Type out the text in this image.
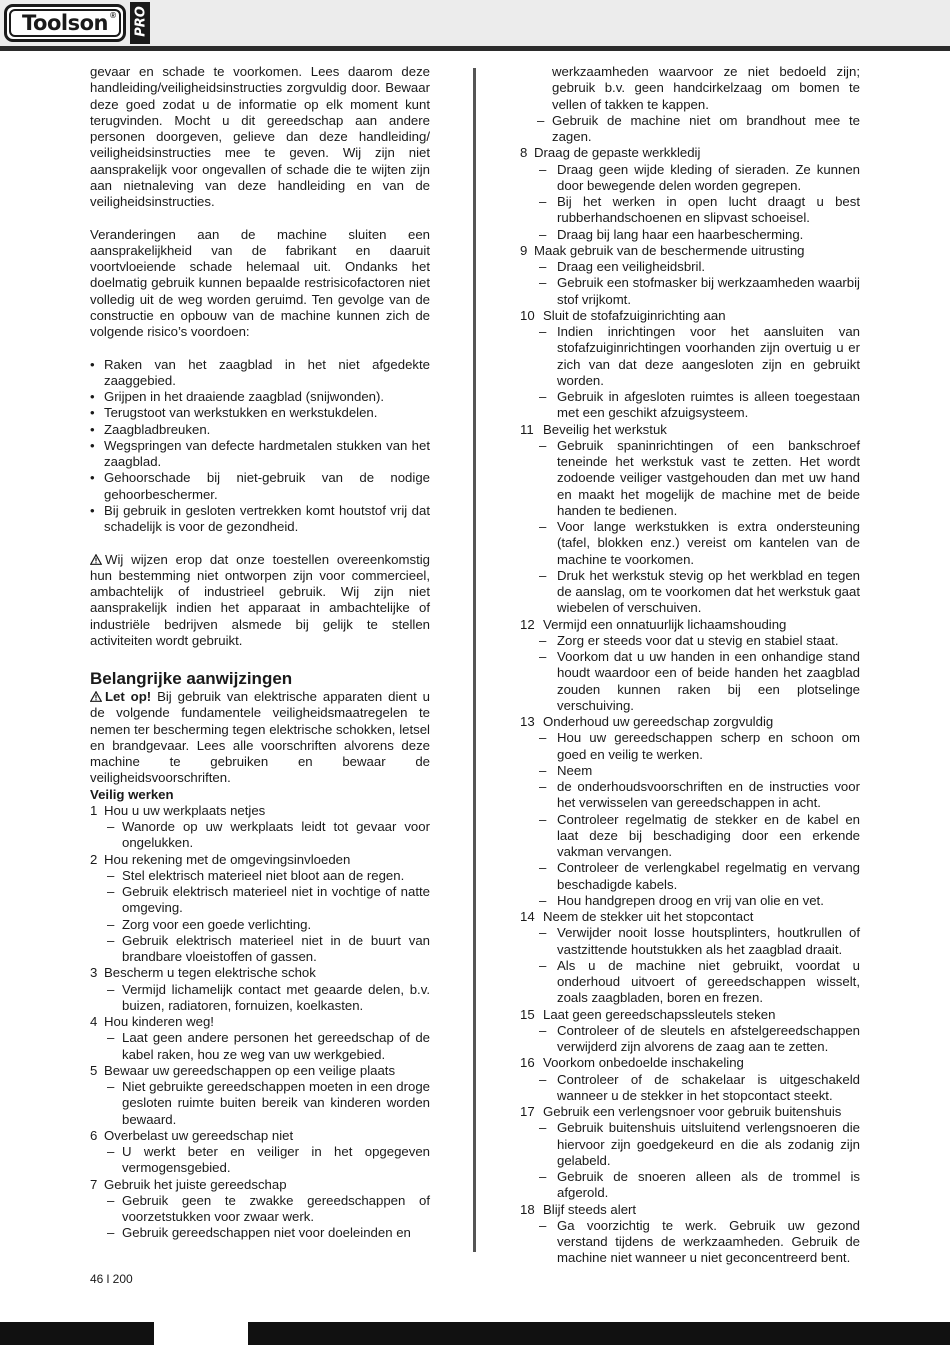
Toolson ® PRO

gevaar en schade te voorkomen. Lees daarom deze handleiding/veiligheidsinstructies zorgvuldig door. Bewaar deze goed zodat u de informatie op elk moment kunt terugvinden. Mocht u dit gereedschap aan andere personen doorgeven, gelieve dan deze handleiding/ veiligheidsinstructies mee te geven. Wij zijn niet aansprakelijk voor ongevallen of schade die te wijten zijn aan nietnaleving van deze handleiding en van de veiligheidsinstructies.

Veranderingen aan de machine sluiten een aansprakelijkheid van de fabrikant en daaruit voortvloeiende schade helemaal uit. Ondanks het doelmatig gebruik kunnen bepaalde restrisicofactoren niet volledig uit de weg worden geruimd. Ten gevolge van de constructie en opbouw van de machine kunnen zich de volgende risico’s voordoen:

• Raken van het zaagblad in het niet afgedekte zaaggebied.
• Grijpen in het draaiende zaagblad (snijwonden).
• Terugstoot van werkstukken en werkstukdelen.
• Zaagbladbreuken.
• Wegspringen van defecte hardmetalen stukken van het zaagblad.
• Gehoorschade bij niet-gebruik van de nodige gehoorbeschermer.
• Bij gebruik in gesloten vertrekken komt houtstof vrij dat schadelijk is voor de gezondheid.

Wij wijzen erop dat onze toestellen overeenkomstig hun bestemming niet ontworpen zijn voor commercieel, ambachtelijk of industrieel gebruik. Wij zijn niet aansprakelijk indien het apparaat in ambachtelijke of industriële bedrijven alsmede bij gelijk te stellen activiteiten wordt gebruikt.

Belangrijke aanwijzingen

Let op! Bij gebruik van elektrische apparaten dient u de volgende fundamentele veiligheidsmaatregelen te nemen ter bescherming tegen elektrische schokken, letsel en brandgevaar. Lees alle voorschriften alvorens deze machine te gebruiken en bewaar de veiligheidsvoorschriften.

Veilig werken
1 Hou u uw werkplaats netjes
– Wanorde op uw werkplaats leidt tot gevaar voor ongelukken.
2 Hou rekening met de omgevingsinvloeden
– Stel elektrisch materieel niet bloot aan de regen.
– Gebruik elektrisch materieel niet in vochtige of natte omgeving.
– Zorg voor een goede verlichting.
– Gebruik elektrisch materieel niet in de buurt van brandbare vloeistoffen of gassen.
3 Bescherm u tegen elektrische schok
– Vermijd lichamelijk contact met geaarde delen, b.v. buizen, radiatoren, fornuizen, koelkasten.
4 Hou kinderen weg!
– Laat geen andere personen het gereedschap of de kabel raken, hou ze weg van uw werkgebied.
5 Bewaar uw gereedschappen op een veilige plaats
– Niet gebruikte gereedschappen moeten in een droge gesloten ruimte buiten bereik van kinderen worden bewaard.
6 Overbelast uw gereedschap niet
– U werkt beter en veiliger in het opgegeven vermogensgebied.
7 Gebruik het juiste gereedschap
– Gebruik geen te zwakke gereedschappen of voorzetstukken voor zwaar werk.
– Gebruik gereedschappen niet voor doeleinden en
werkzaamheden waarvoor ze niet bedoeld zijn; gebruik b.v. geen handcirkelzaag om bomen te vellen of takken te kappen.
– Gebruik de machine niet om brandhout mee te zagen.
8 Draag de gepaste werkkledij
– Draag geen wijde kleding of sieraden. Ze kunnen door bewegende delen worden gegrepen.
– Bij het werken in open lucht draagt u best rubberhandschoenen en slipvast schoeisel.
– Draag bij lang haar een haarbescherming.
9 Maak gebruik van de beschermende uitrusting
– Draag een veiligheidsbril.
– Gebruik een stofmasker bij werkzaamheden waarbij stof vrijkomt.
10 Sluit de stofafzuiginrichting aan
– Indien inrichtingen voor het aansluiten van stofafzuiginrichtingen voorhanden zijn overtuig u er zich van dat deze aangesloten zijn en gebruikt worden.
– Gebruik in afgesloten ruimtes is alleen toegestaan met een geschikt afzuigsysteem.
11 Beveilig het werkstuk
– Gebruik spaninrichtingen of een bankschroef teneinde het werkstuk vast te zetten. Het wordt zodoende veiliger vastgehouden dan met uw hand en maakt het mogelijk de machine met de beide handen te bedienen.
– Voor lange werkstukken is extra ondersteuning (tafel, blokken enz.) vereist om kantelen van de machine te voorkomen.
– Druk het werkstuk stevig op het werkblad en tegen de aanslag, om te voorkomen dat het werkstuk gaat wiebelen of verschuiven.
12 Vermijd een onnatuurlijk lichaamshouding
– Zorg er steeds voor dat u stevig en stabiel staat.
– Voorkom dat u uw handen in een onhandige stand houdt waardoor een of beide handen het zaagblad zouden kunnen raken bij een plotselinge verschuiving.
13 Onderhoud uw gereedschap zorgvuldig
– Hou uw gereedschappen scherp en schoon om goed en veilig te werken.
– Neem
– de onderhoudsvoorschriften en de instructies voor het verwisselen van gereedschappen in acht.
– Controleer regelmatig de stekker en de kabel en laat deze bij beschadiging door een erkende vakman vervangen.
– Controleer de verlengkabel regelmatig en vervang beschadigde kabels.
– Hou handgrepen droog en vrij van olie en vet.
14 Neem de stekker uit het stopcontact
– Verwijder nooit losse houtsplinters, houtkrullen of vastzittende houtstukken als het zaagblad draait.
– Als u de machine niet gebruikt, voordat u onderhoud uitvoert of gereedschappen wisselt, zoals zaagbladen, boren en frezen.
15 Laat geen gereedschapssleutels steken
– Controleer of de sleutels en afstelgereedschappen verwijderd zijn alvorens de zaag aan te zetten.
16 Voorkom onbedoelde inschakeling
– Controleer of de schakelaar is uitgeschakeld wanneer u de stekker in het stopcontact steekt.
17 Gebruik een verlengsnoer voor gebruik buitenshuis
– Gebruik buitenshuis uitsluitend verlengsnoeren die hiervoor zijn goedgekeurd en die als zodanig zijn gelabeld.
– Gebruik de snoeren alleen als de trommel is afgerold.
18 Blijf steeds alert
– Ga voorzichtig te werk. Gebruik uw gezond verstand tijdens de werkzaamheden. Gebruik de machine niet wanneer u niet geconcentreerd bent.
46 l 200
